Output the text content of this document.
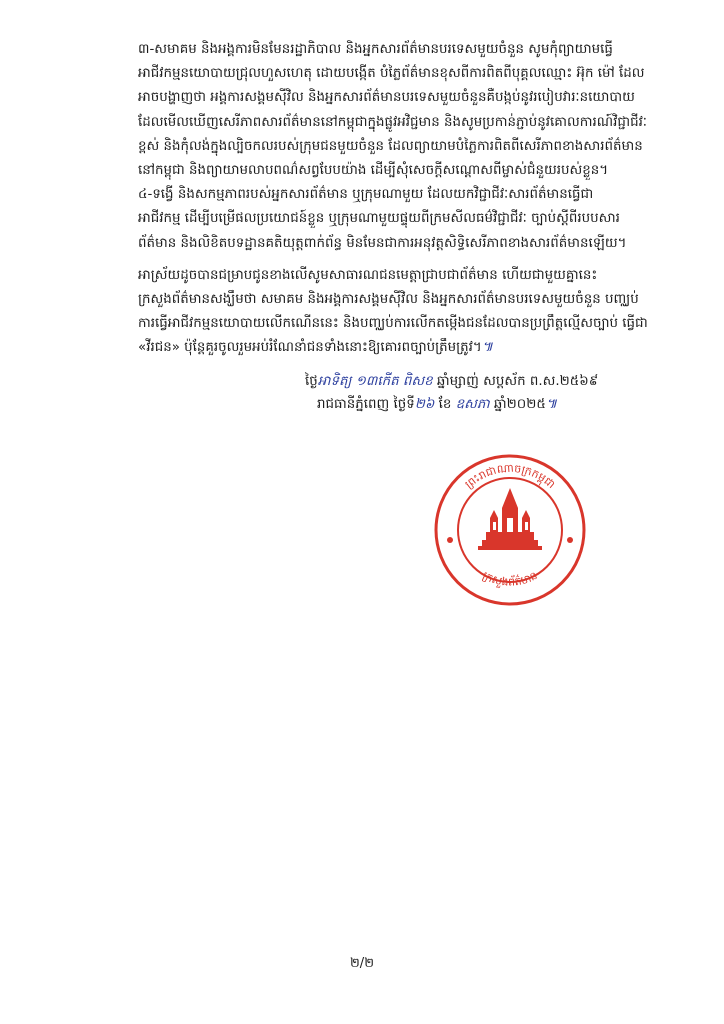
៣-សមាគម និងអង្គការមិនមែនរដ្ឋាភិបាល និងអ្នកសារព័ត៌មានបរទេសមួយចំនួន សូមកុំព្យាយាមធ្វើ
អាជីវកម្មនយោបាយជ្រុលហួសហេតុ ដោយបង្កើត បំភ្លៃព័ត៌មានខុសពីការពិតពីបុគ្គលឈ្មោះ អ៊ុក ម៉ៅ ដែល
អាចបង្ហាញថា អង្គការសង្គមស៊ីវិល និងអ្នកសារព័ត៌មានបរទេសមួយចំនួនគឺបង្កប់នូវរបៀបវារៈនយោបាយ
ដែលមើលឃើញសេរីភាពសារព័ត៌មាននៅកម្ពុជាក្នុងផ្លូវអវិជ្ជមាន និងសូមប្រកាន់ភ្ជាប់នូវគោលការណ៍វិជ្ជាជីវៈ
ខ្ពស់ និងកុំលង់ក្នុងល្បិចកលរបស់ក្រុមជនមួយចំនួន ដែលព្យាយាមបំភ្លៃការពិតពីសេរីភាពខាងសារព័ត៌មាន
នៅកម្ពុជា និងព្យាយាមលាបពណ៌សព្វបែបយ៉ាង ដើម្បីសុំសេចក្តីសណ្តោសពីម្ចាស់ជំនួយរបស់ខ្លួន។

៤-ទង្វើ និងសកម្មភាពរបស់អ្នកសារព័ត៌មាន ឬក្រុមណាមួយ ដែលយកវិជ្ជាជីវៈសារព័ត៌មានធ្វើជា
អាជីវកម្ម ដើម្បីបម្រើផលប្រយោជន៍ខ្លួន ឬក្រុមណាមួយផ្ទុយពីក្រមសីលធម៌វិជ្ជាជីវៈ ច្បាប់ស្តីពីរបបសារ
ព័ត៌មាន និងលិខិតបទដ្ឋានគតិយុត្តពាក់ព័ន្ធ មិនមែនជាការអនុវត្តសិទ្ធិសេរីភាពខាងសារព័ត៌មានឡើយ។

អាស្រ័យដូចបានជម្រាបជូនខាងលើសូមសាធារណជនមេត្តាជ្រាបជាព័ត៌មាន ហើយជាមួយគ្នានេះ
ក្រសួងព័ត៌មានសង្ឃឹមថា សមាគម និងអង្គការសង្គមស៊ីវិល និងអ្នកសារព័ត៌មានបរទេសមួយចំនួន បញ្ឈប់
ការធ្វើអាជីវកម្មនយោបាយលើកណើននេះ និងបញ្ឈប់ការលើកតម្កើងជនដែលបានប្រព្រឹត្តល្មើសច្បាប់ ធ្វើជា
«វីរជន» ប៉ុន្តែគួរចូលរួមអប់រំណែនាំជនទាំងនោះឱ្យគោរពច្បាប់ត្រឹមត្រូវ។៕

ថ្ងៃអាទិត្យ ១៣កើត ពិសខ ឆ្នាំម្សាញ់ សប្តស័ក ព.ស.២៥៦៩
រាជធានីភ្នំពេញ ថ្ងៃទី២៦ ខែ ឧសភា ឆ្នាំ២០២៥៕
ព្រះរាជាណាចក្រកម្ពុជា
ក្រសួងព័ត៌មាន
២/២
